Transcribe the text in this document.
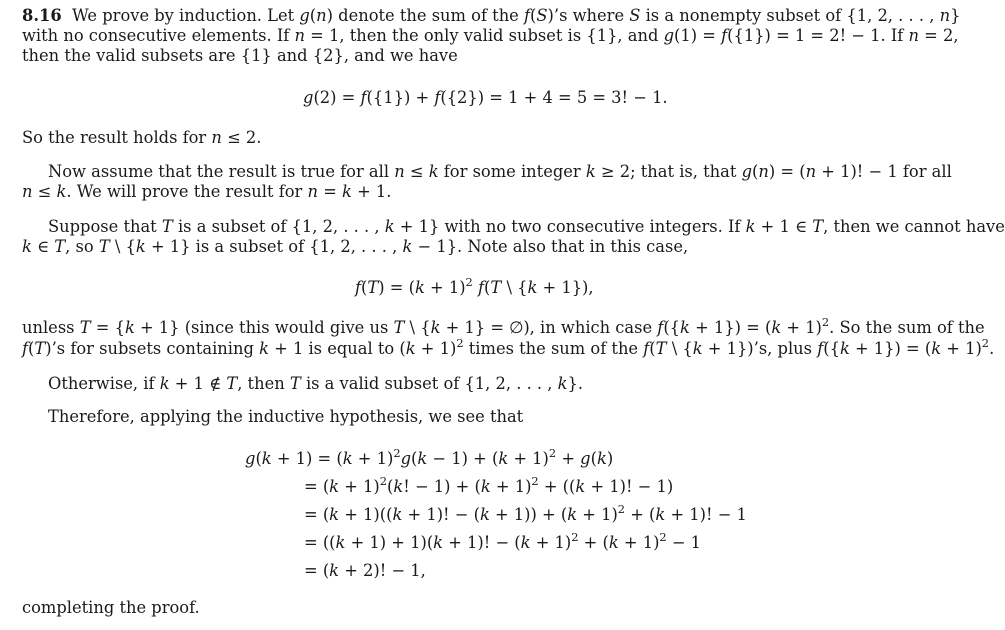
8.16  We prove by induction. Let g(n) denote the sum of the f(S)’s where S is a nonempty subset of {1, 2, . . . , n}
with no consecutive elements. If n = 1, then the only valid subset is {1}, and g(1) = f({1}) = 1 = 2! − 1. If n = 2,
then the valid subsets are {1} and {2}, and we have
g(2) = f({1}) + f({2}) = 1 + 4 = 5 = 3! − 1.
So the result holds for n ≤ 2.
Now assume that the result is true for all n ≤ k for some integer k ≥ 2; that is, that g(n) = (n + 1)! − 1 for all
n ≤ k. We will prove the result for n = k + 1.
Suppose that T is a subset of {1, 2, . . . , k + 1} with no two consecutive integers. If k + 1 ∈ T, then we cannot have
k ∈ T, so T \ {k + 1} is a subset of {1, 2, . . . , k − 1}. Note also that in this case,
$f(T) = (k + 1)^2$ f(T \ {k + 1}),
unless T = {k + 1} (since this would give us T \ {k + 1} = ∅), in which case $f(\{k + 1\}) = (k + 1)^2$. So the sum of the
f(T)’s for subsets containing k + 1 is equal to $(k + 1)^2$ times the sum of the f(T \ {k + 1})’s, plus $f(\{k + 1\}) = (k + 1)^2$.
Otherwise, if k + 1 ∉ T, then T is a valid subset of {1, 2, . . . , k}.
Therefore, applying the inductive hypothesis, we see that
$g(k + 1) = (k + 1)^2g(k - 1) + (k + 1)^2 + g(k)$
= $(k + 1)^2(k$! − $1) + (k + 1)^2 + ((k + 1)$! − 1)
= (k + 1)((k + 1)! − $(k + 1)) + (k + 1)^2 + (k + 1)$! − 1
= ((k + 1) + 1)(k + 1)! − $(k + 1)^2 + (k + 1)^2 - 1$
= (k + 2)! − 1,
completing the proof.
